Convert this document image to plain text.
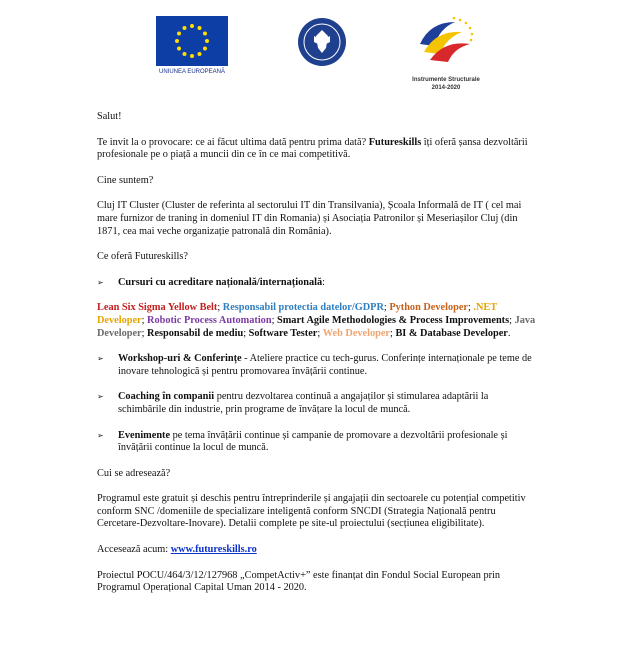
UNIUNEA EUROPEANĂ
Instrumente Structurale
2014-2020

Salut!

Te invit la o provocare: ce ai făcut ultima dată pentru prima dată? Futureskills îți oferă șansa dezvoltării profesionale pe o piață a muncii din ce în ce mai competitivă.

Cine suntem?

Cluj IT Cluster (Cluster de referinta al sectorului IT din Transilvania), Școala Informală de IT ( cel mai mare furnizor de traning in domeniul IT din Romania) și Asociația Patronilor și Meseriașilor Cluj (din 1871, cea mai veche organizație patronală din România).

Ce oferă Futureskills?

➢ Cursuri cu acreditare națională/internațională:

Lean Six Sigma Yellow Belt; Responsabil protectia datelor/GDPR; Python Developer; .NET Developer; Robotic Process Automation; Smart Agile Methodologies & Process Improvements; Java Developer; Responsabil de mediu; Software Tester; Web Developer; BI & Database Developer.

➢ Workshop-uri & Conferințe - Ateliere practice cu tech-gurus. Conferințe internaționale pe teme de inovare tehnologică și pentru promovarea învățării continue.
➢ Coaching în companii pentru dezvoltarea continuă a angajaților și stimularea adaptării la schimbările din industrie, prin programe de învățare la locul de muncă.
➢ Evenimente pe tema învățării continue și campanie de promovare a dezvoltării profesionale și învățării continue la locul de muncă.

Cui se adresează?

Programul este gratuit și deschis pentru întreprinderile și angajații din sectoarele cu potențial competitiv conform SNC /domeniile de specializare inteligentă conform SNCDI (Strategia Națională pentru Cercetare-Dezvoltare-Inovare). Detalii complete pe site-ul proiectului (secțiunea eligibilitate).

Accesează acum: www.futureskills.ro

Proiectul POCU/464/3/12/127968 „CompetActiv+” este finanțat din Fondul Social European prin Programul Operațional Capital Uman 2014 - 2020.
